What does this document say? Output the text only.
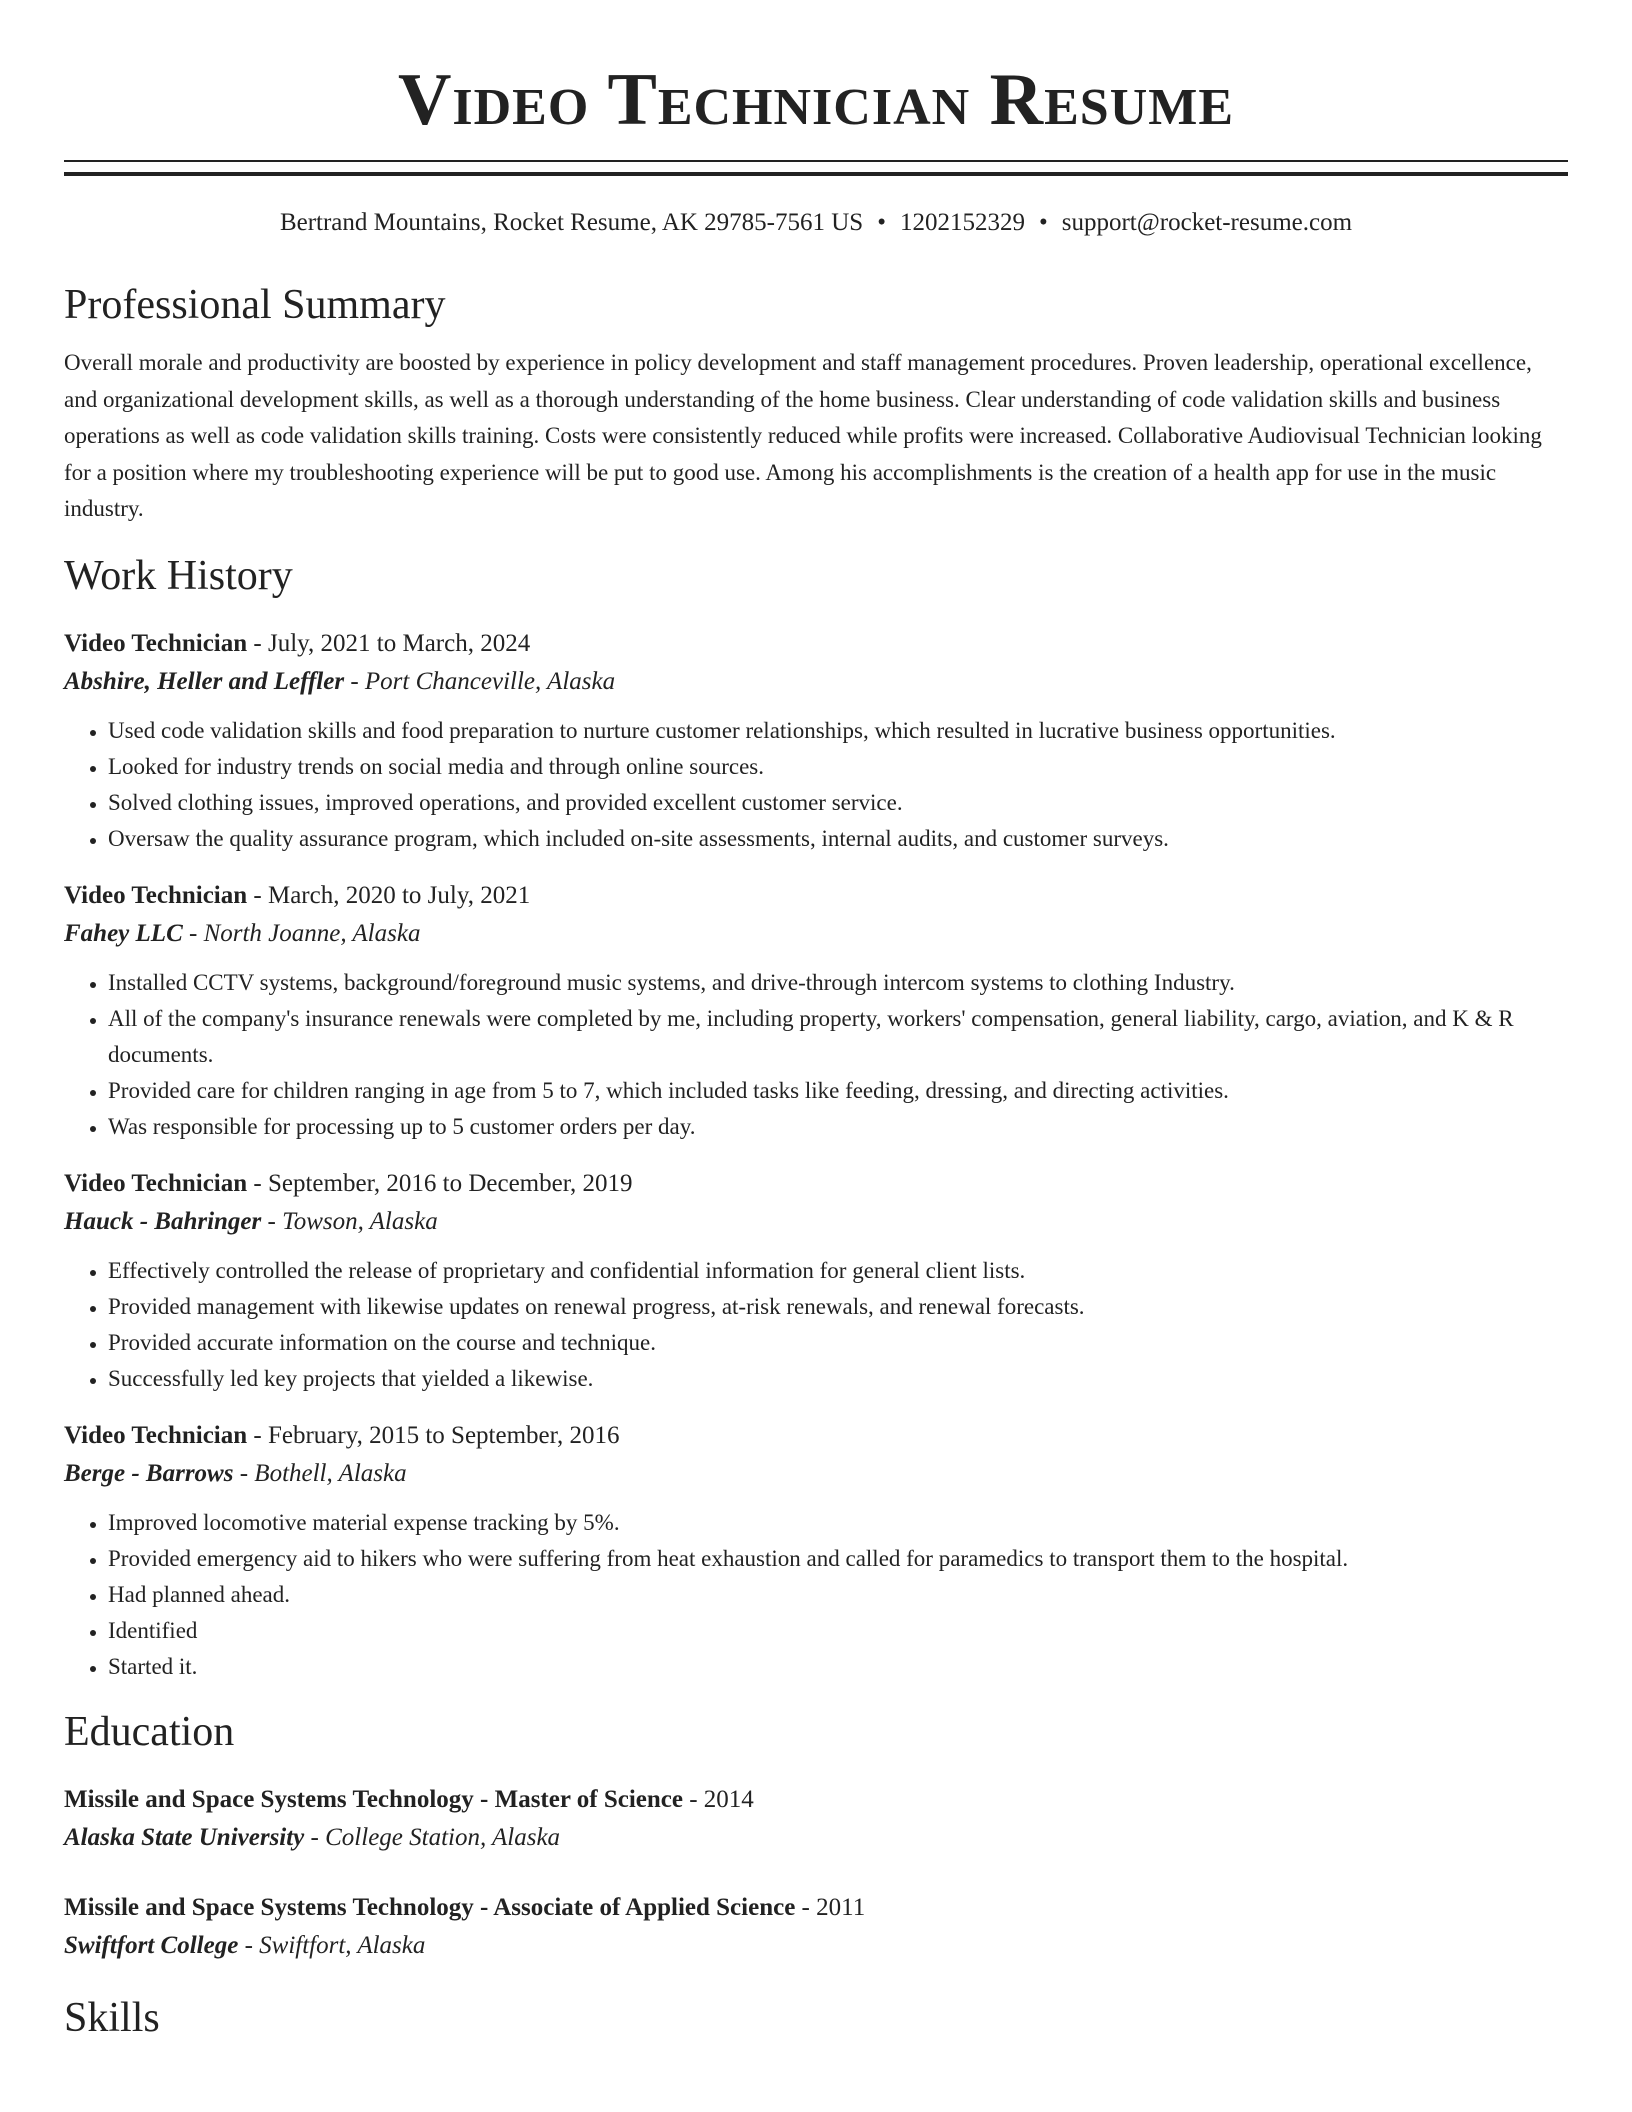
Video Technician Resume
Bertrand Mountains, Rocket Resume, AK 29785-7561 US • 1202152329 • support@rocket-resume.com
Professional Summary

Overall morale and productivity are boosted by experience in policy development and staff management procedures. Proven leadership, operational excellence, and organizational development skills, as well as a thorough understanding of the home business. Clear understanding of code validation skills and business operations as well as code validation skills training. Costs were consistently reduced while profits were increased. Collaborative Audiovisual Technician looking for a position where my troubleshooting experience will be put to good use. Among his accomplishments is the creation of a health app for use in the music industry.

Work History
Video Technician - July, 2021 to March, 2024
Abshire, Heller and Leffler - Port Chanceville, Alaska
• Used code validation skills and food preparation to nurture customer relationships, which resulted in lucrative business opportunities.
• Looked for industry trends on social media and through online sources.
• Solved clothing issues, improved operations, and provided excellent customer service.
• Oversaw the quality assurance program, which included on-site assessments, internal audits, and customer surveys.
Video Technician - March, 2020 to July, 2021
Fahey LLC - North Joanne, Alaska
• Installed CCTV systems, background/foreground music systems, and drive-through intercom systems to clothing Industry.
• All of the company's insurance renewals were completed by me, including property, workers' compensation, general liability, cargo, aviation, and K & R documents.
• Provided care for children ranging in age from 5 to 7, which included tasks like feeding, dressing, and directing activities.
• Was responsible for processing up to 5 customer orders per day.
Video Technician - September, 2016 to December, 2019
Hauck - Bahringer - Towson, Alaska
• Effectively controlled the release of proprietary and confidential information for general client lists.
• Provided management with likewise updates on renewal progress, at-risk renewals, and renewal forecasts.
• Provided accurate information on the course and technique.
• Successfully led key projects that yielded a likewise.
Video Technician - February, 2015 to September, 2016
Berge - Barrows - Bothell, Alaska
• Improved locomotive material expense tracking by 5%.
• Provided emergency aid to hikers who were suffering from heat exhaustion and called for paramedics to transport them to the hospital.
• Had planned ahead.
• Identified
• Started it.
Education
Missile and Space Systems Technology - Master of Science - 2014
Alaska State University - College Station, Alaska
Missile and Space Systems Technology - Associate of Applied Science - 2011
Swiftfort College - Swiftfort, Alaska
Skills
